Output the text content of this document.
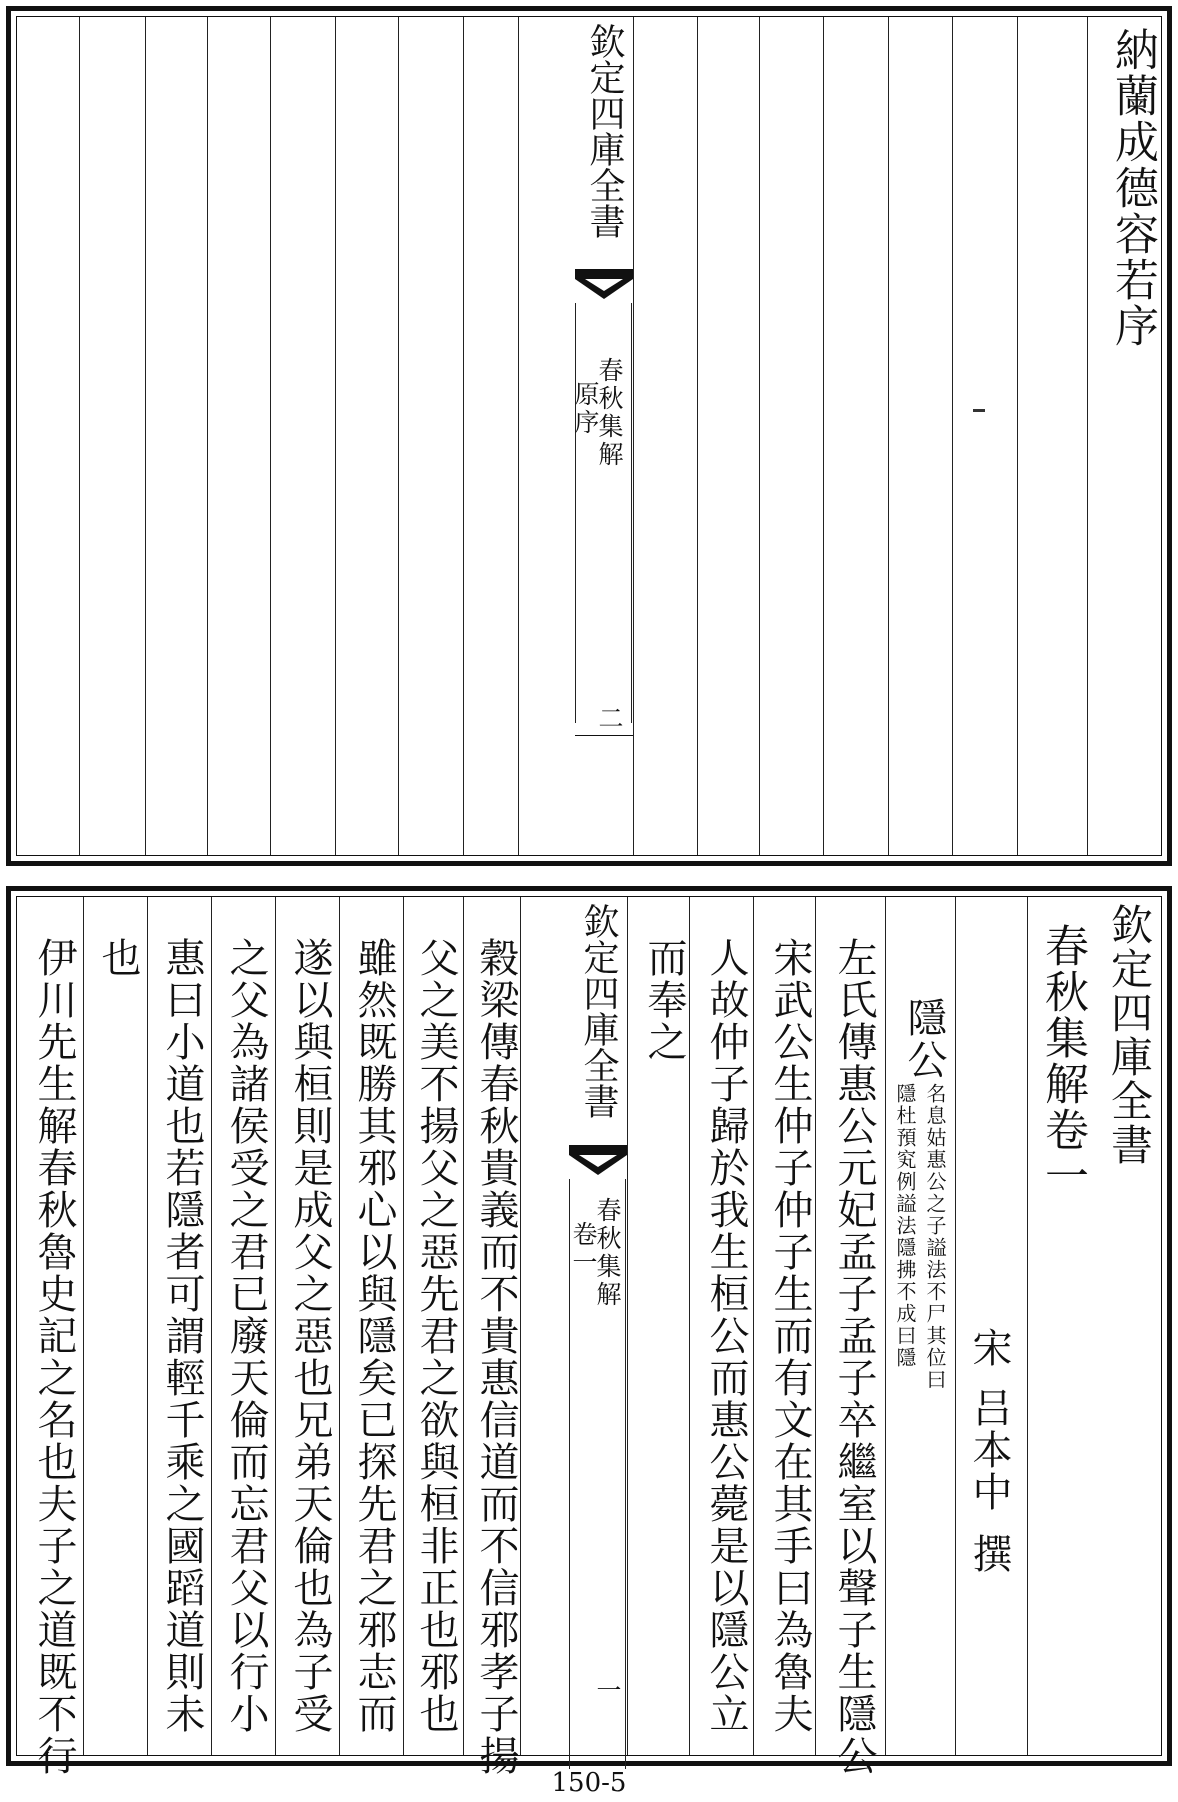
納蘭成德容若序
欽定四庫全書
春秋集解
原序
二
欽定四庫全書
春秋集解卷一
宋
吕本中
撰
隱公
名息姑惠公之子謚法不尸其位曰
隱杜預䆒例謚法隱拂不成曰隱
左氏傳惠公元妃孟子孟子卒繼室以聲子生隱公
宋武公生仲子仲子生而有文在其手曰為魯夫
人故仲子歸於我生桓公而惠公薨是以隱公立
而奉之
穀梁傳春秋貴義而不貴惠信道而不信邪孝子揚
父之美不揚父之惡先君之欲與桓非正也邪也
雖然既勝其邪心以與隱矣已探先君之邪志而
遂以與桓則是成父之惡也兄弟天倫也為子受
之父為諸侯受之君已廢天倫而忘君父以行小
惠曰小道也若隱者可謂輕千乘之國蹈道則未
也
伊川先生解春秋魯史記之名也夫子之道既不行	欽定四庫全書
春秋集解
卷一
一
150-5
